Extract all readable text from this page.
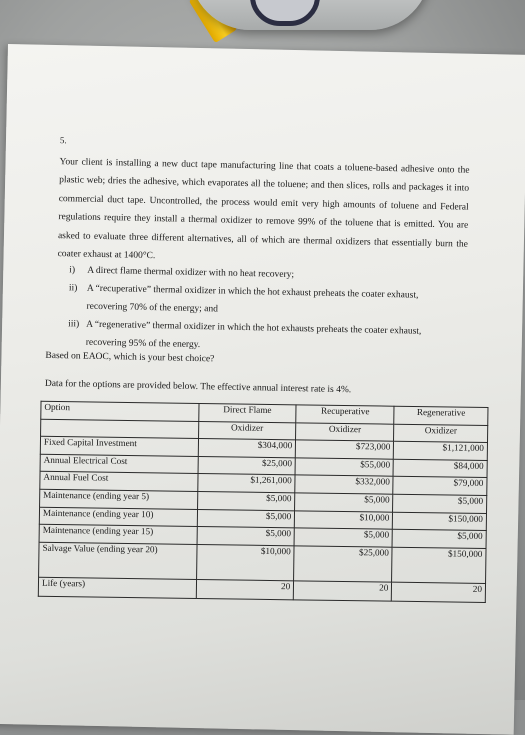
5.
Your client is installing a new duct tape manufacturing line that coats a toluene-based adhesive onto the plastic web; dries the adhesive, which evaporates all the toluene; and then slices, rolls and packages it into commercial duct tape. Uncontrolled, the process would emit very high amounts of toluene and Federal regulations require they install a thermal oxidizer to remove 99% of the toluene that is emitted. You are asked to evaluate three different alternatives, all of which are thermal oxidizers that essentially burn the coater exhaust at 1400°C.
i)	A direct flame thermal oxidizer with no heat recovery;
ii) A “recuperative” thermal oxidizer in which the hot exhaust preheats the coater exhaust,
recovering 70% of the energy; and
iii) A “regenerative” thermal oxidizer in which the hot exhausts preheats the coater exhaust,
recovering 95% of the energy.
Based on EAOC, which is your best choice?
Data for the options are provided below. The effective annual interest rate is 4%.
Option	Direct Flame	Recuperative	Regenerative
	Oxidizer	Oxidizer	Oxidizer
Fixed Capital Investment	$304,000	$723,000	$1,121,000
Annual Electrical Cost	$25,000	$55,000	$84,000
Annual Fuel Cost	$1,261,000	$332,000	$79,000
Maintenance (ending year 5)	$5,000	$5,000	$5,000
Maintenance (ending year 10)	$5,000	$10,000	$150,000
Maintenance (ending year 15)	$5,000	$5,000	$5,000
Salvage Value (ending year 20)	$10,000	$25,000	$150,000
Life (years)	20	20	20
